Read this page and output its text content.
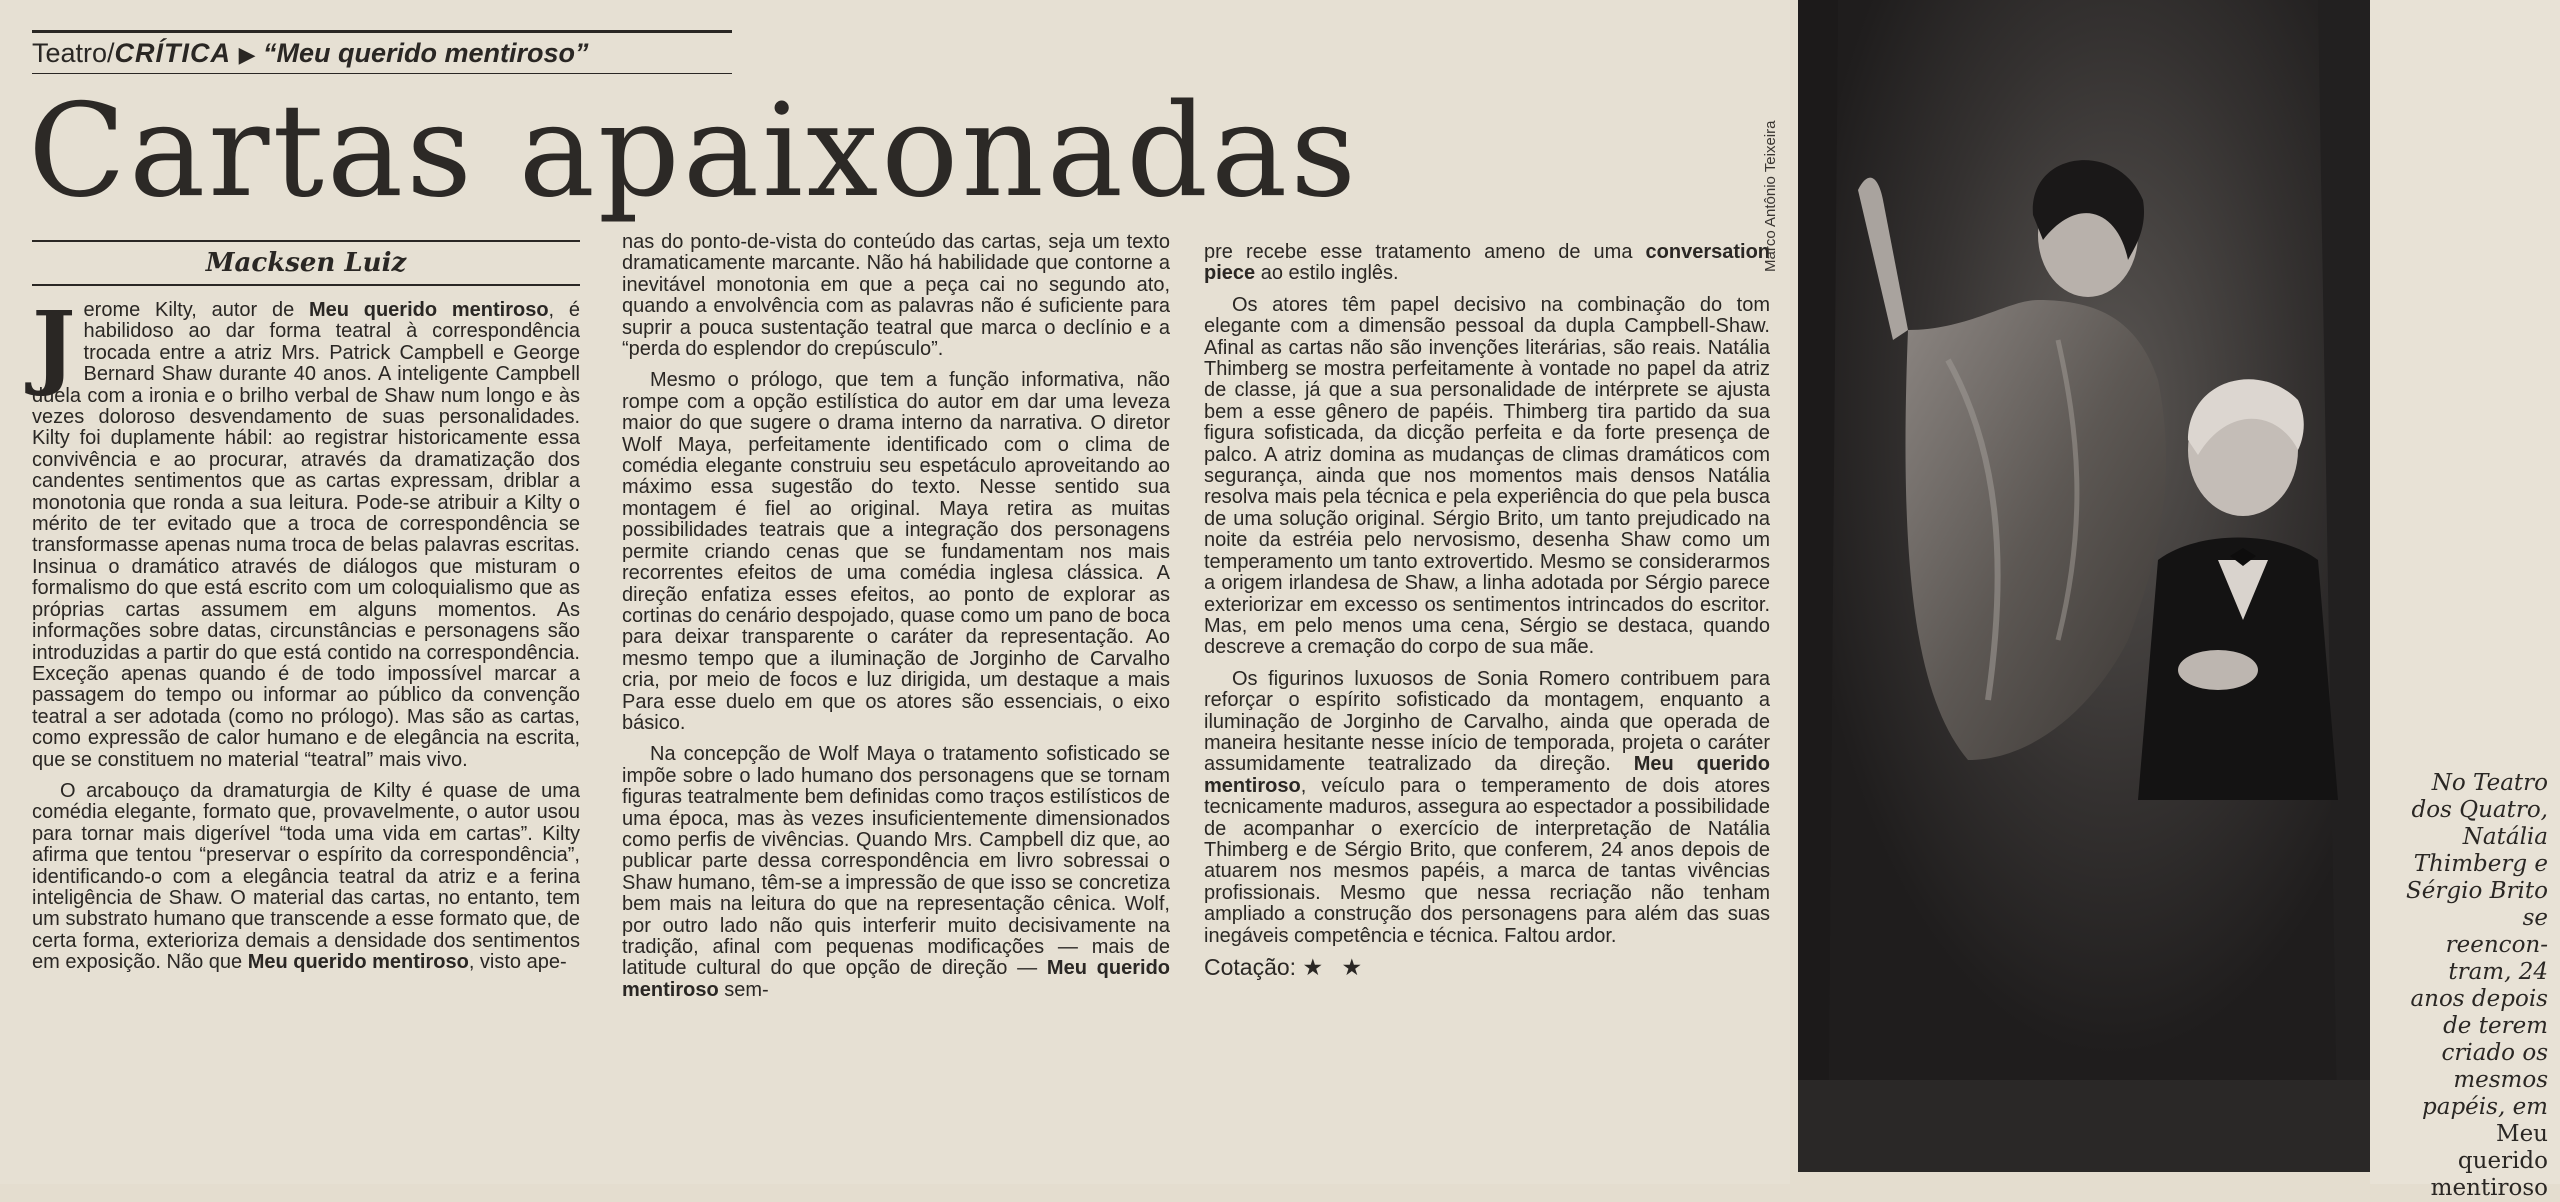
Teatro/CRÍTICA ▶ “Meu querido mentiroso”
Cartas apaixonadas
Macksen Luiz

Jerome Kilty, autor de Meu querido mentiroso, é habilidoso ao dar forma teatral à correspondência trocada entre a atriz Mrs. Patrick Campbell e George Bernard Shaw durante 40 anos. A inteligente Campbell duela com a ironia e o brilho verbal de Shaw num longo e às vezes doloroso desvendamento de suas personalidades. Kilty foi duplamente hábil: ao registrar historicamente essa convivência e ao procurar, através da dramatização dos candentes sentimentos que as cartas expressam, driblar a monotonia que ronda a sua leitura. Pode-se atribuir a Kilty o mérito de ter evitado que a troca de correspondência se transformasse apenas numa troca de belas palavras escritas. Insinua o dramático através de diálogos que misturam o formalismo do que está escrito com um coloquialismo que as próprias cartas assumem em alguns momentos. As informações sobre datas, circunstâncias e personagens são introduzidas a partir do que está contido na correspondência. Exceção apenas quando é de todo impossível marcar a passagem do tempo ou informar ao público da convenção teatral a ser adotada (como no prólogo). Mas são as cartas, como expressão de calor humano e de elegância na escrita, que se constituem no material “teatral” mais vivo.

O arcabouço da dramaturgia de Kilty é quase de uma comédia elegante, formato que, provavelmente, o autor usou para tornar mais digerível “toda uma vida em cartas”. Kilty afirma que tentou “preservar o espírito da correspondência”, identificando-o com a elegância teatral da atriz e a ferina inteligência de Shaw. O material das cartas, no entanto, tem um substrato humano que transcende a esse formato que, de certa forma, exterioriza demais a densidade dos sentimentos em exposição. Não que Meu querido mentiroso, visto ape-

nas do ponto-de-vista do conteúdo das cartas, seja um texto dramaticamente marcante. Não há habilidade que contorne a inevitável monotonia em que a peça cai no segundo ato, quando a envolvência com as palavras não é suficiente para suprir a pouca sustentação teatral que marca o declínio e a “perda do esplendor do crepúsculo”.

Mesmo o prólogo, que tem a função informativa, não rompe com a opção estilística do autor em dar uma leveza maior do que sugere o drama interno da narrativa. O diretor Wolf Maya, perfeitamente identificado com o clima de comédia elegante construiu seu espetáculo aproveitando ao máximo essa sugestão do texto. Nesse sentido sua montagem é fiel ao original. Maya retira as muitas possibilidades teatrais que a integração dos personagens permite criando cenas que se fundamentam nos mais recorrentes efeitos de uma comédia inglesa clássica. A direção enfatiza esses efeitos, ao ponto de explorar as cortinas do cenário despojado, quase como um pano de boca para deixar transparente o caráter da representação. Ao mesmo tempo que a iluminação de Jorginho de Carvalho cria, por meio de focos e luz dirigida, um destaque a mais Para esse duelo em que os atores são essenciais, o eixo básico.

Na concepção de Wolf Maya o tratamento sofisticado se impõe sobre o lado humano dos personagens que se tornam figuras teatralmente bem definidas como traços estilísticos de uma época, mas às vezes insuficientemente dimensionados como perfis de vivências. Quando Mrs. Campbell diz que, ao publicar parte dessa correspondência em livro sobressai o Shaw humano, têm-se a impressão de que isso se concretiza bem mais na leitura do que na representação cênica. Wolf, por outro lado não quis interferir muito decisivamente na tradição, afinal com pequenas modificações — mais de latitude cultural do que opção de direção — Meu querido mentiroso sem-

pre recebe esse tratamento ameno de uma conversation piece ao estilo inglês.

Os atores têm papel decisivo na combinação do tom elegante com a dimensão pessoal da dupla Campbell-Shaw. Afinal as cartas não são invenções literárias, são reais. Natália Thimberg se mostra perfeitamente à vontade no papel da atriz de classe, já que a sua personalidade de intérprete se ajusta bem a esse gênero de papéis. Thimberg tira partido da sua figura sofisticada, da dicção perfeita e da forte presença de palco. A atriz domina as mudanças de climas dramáticos com segurança, ainda que nos momentos mais densos Natália resolva mais pela técnica e pela experiência do que pela busca de uma solução original. Sérgio Brito, um tanto prejudicado na noite da estréia pelo nervosismo, desenha Shaw como um temperamento um tanto extrovertido. Mesmo se considerarmos a origem irlandesa de Shaw, a linha adotada por Sérgio parece exteriorizar em excesso os sentimentos intrincados do escritor. Mas, em pelo menos uma cena, Sérgio se destaca, quando descreve a cremação do corpo de sua mãe.

Os figurinos luxuosos de Sonia Romero contribuem para reforçar o espírito sofisticado da montagem, enquanto a iluminação de Jorginho de Carvalho, ainda que operada de maneira hesitante nesse início de temporada, projeta o caráter assumidamente teatralizado da direção. Meu querido mentiroso, veículo para o temperamento de dois atores tecnicamente maduros, assegura ao espectador a possibilidade de acompanhar o exercício de interpretação de Natália Thimberg e de Sérgio Brito, que conferem, 24 anos depois de atuarem nos mesmos papéis, a marca de tantas vivências profissionais. Mesmo que nessa recriação não tenham ampliado a construção dos personagens para além das suas inegáveis competência e técnica. Faltou ardor.

Cotação: ★ ★

Marco Antônio Teixeira
No Teatro
dos Quatro,
Natália
Thimberg e
Sérgio Brito
se
reencon-
tram, 24
anos depois
de terem
criado os
mesmos
papéis, em
Meu
querido
mentiroso
